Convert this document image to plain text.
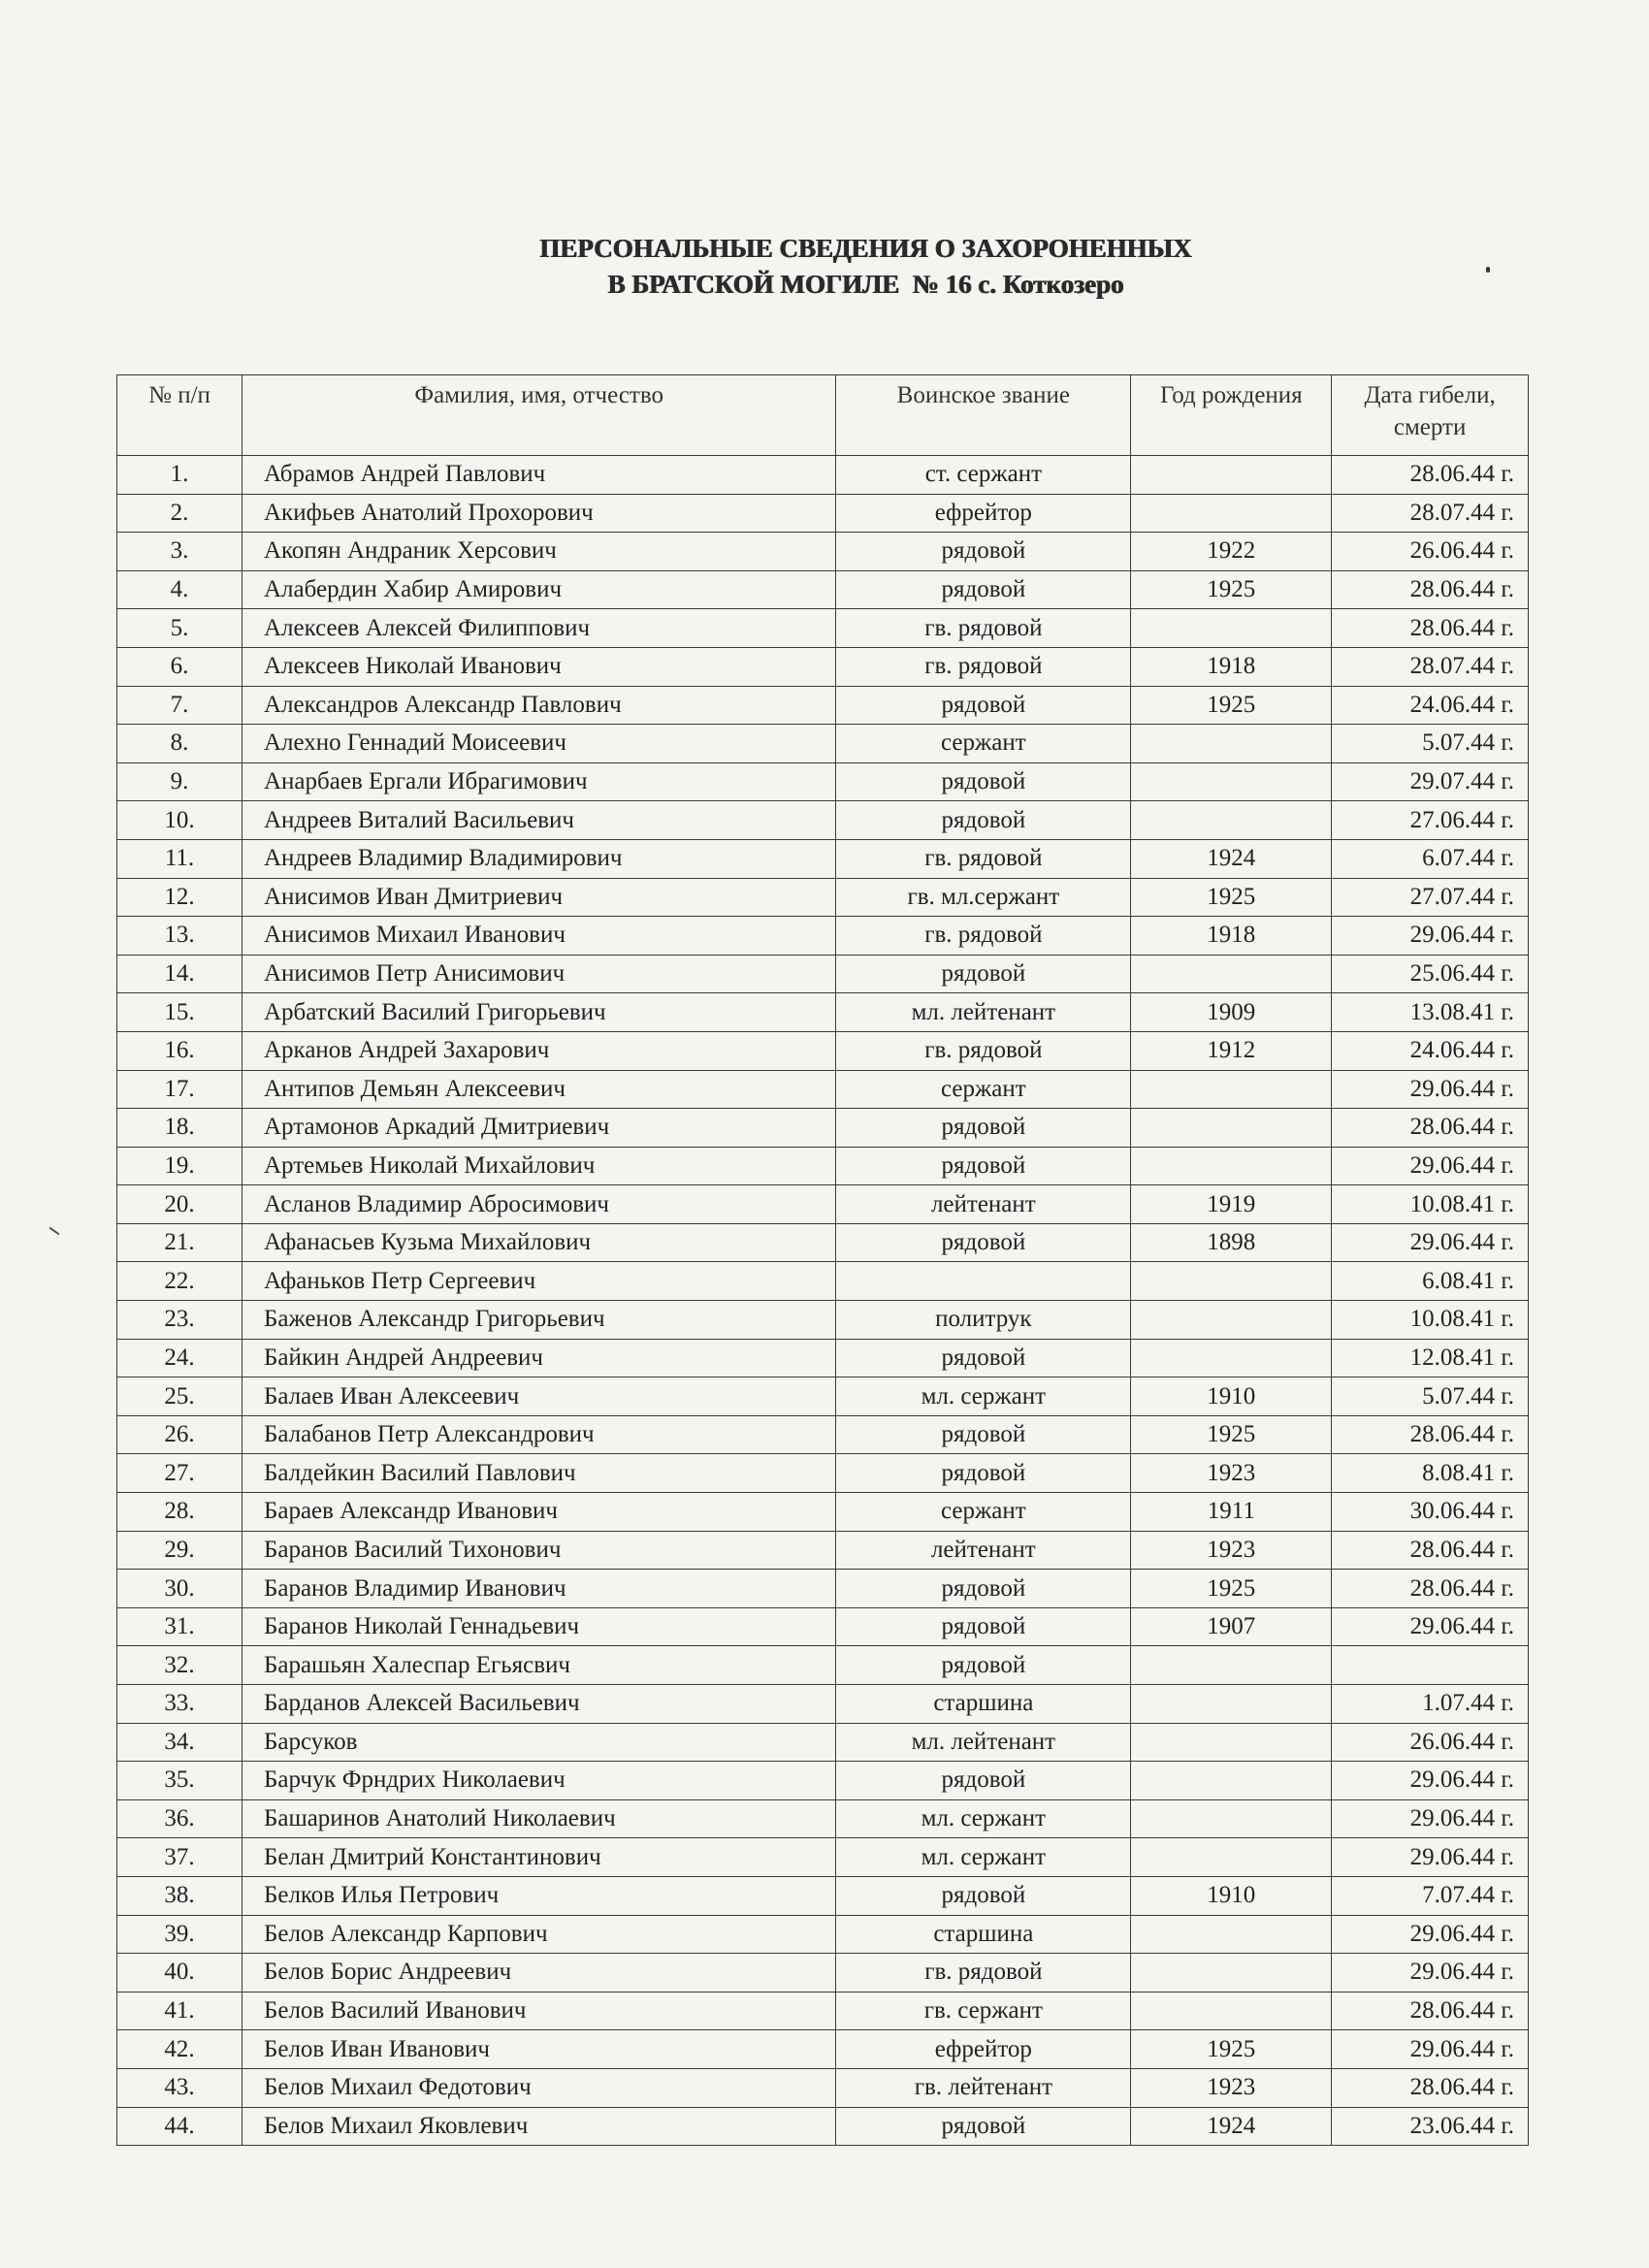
ПЕРСОНАЛЬНЫЕ СВЕДЕНИЯ О ЗАХОРОНЕННЫХ
В БРАТСКОЙ МОГИЛЕ  № 16 с. Коткозеро
№ п/п	Фамилия, имя, отчество	Воинское звание	Год рождения	Дата гибели, смерти
1.	Абрамов Андрей Павлович	ст. сержант		28.06.44 г.
2.	Акифьев Анатолий Прохорович	ефрейтор		28.07.44 г.
3.	Акопян Андраник Херсович	рядовой	1922	26.06.44 г.
4.	Алабердин Хабир Амирович	рядовой	1925	28.06.44 г.
5.	Алексеев Алексей Филиппович	гв. рядовой		28.06.44 г.
6.	Алексеев Николай Иванович	гв. рядовой	1918	28.07.44 г.
7.	Александров Александр Павлович	рядовой	1925	24.06.44 г.
8.	Алехно Геннадий Моисеевич	сержант		5.07.44 г.
9.	Анарбаев Ергали Ибрагимович	рядовой		29.07.44 г.
10.	Андреев Виталий Васильевич	рядовой		27.06.44 г.
11.	Андреев Владимир Владимирович	гв. рядовой	1924	6.07.44 г.
12.	Анисимов Иван Дмитриевич	гв. мл.сержант	1925	27.07.44 г.
13.	Анисимов Михаил Иванович	гв. рядовой	1918	29.06.44 г.
14.	Анисимов Петр Анисимович	рядовой		25.06.44 г.
15.	Арбатский Василий Григорьевич	мл. лейтенант	1909	13.08.41 г.
16.	Арканов Андрей Захарович	гв. рядовой	1912	24.06.44 г.
17.	Антипов Демьян Алексеевич	сержант		29.06.44 г.
18.	Артамонов Аркадий Дмитриевич	рядовой		28.06.44 г.
19.	Артемьев Николай Михайлович	рядовой		29.06.44 г.
20.	Асланов Владимир Абросимович	лейтенант	1919	10.08.41 г.
21.	Афанасьев Кузьма Михайлович	рядовой	1898	29.06.44 г.
22.	Афаньков Петр Сергеевич			6.08.41 г.
23.	Баженов Александр Григорьевич	политрук		10.08.41 г.
24.	Байкин Андрей Андреевич	рядовой		12.08.41 г.
25.	Балаев Иван Алексеевич	мл. сержант	1910	5.07.44 г.
26.	Балабанов Петр Александрович	рядовой	1925	28.06.44 г.
27.	Балдейкин Василий Павлович	рядовой	1923	8.08.41 г.
28.	Бараев Александр Иванович	сержант	1911	30.06.44 г.
29.	Баранов Василий Тихонович	лейтенант	1923	28.06.44 г.
30.	Баранов Владимир Иванович	рядовой	1925	28.06.44 г.
31.	Баранов Николай Геннадьевич	рядовой	1907	29.06.44 г.
32.	Барашьян Халеспар Егьясвич	рядовой		
33.	Барданов Алексей Васильевич	старшина		1.07.44 г.
34.	Барсуков	мл. лейтенант		26.06.44 г.
35.	Барчук Фрндрих Николаевич	рядовой		29.06.44 г.
36.	Башаринов Анатолий Николаевич	мл. сержант		29.06.44 г.
37.	Белан Дмитрий Константинович	мл. сержант		29.06.44 г.
38.	Белков Илья Петрович	рядовой	1910	7.07.44 г.
39.	Белов Александр Карпович	старшина		29.06.44 г.
40.	Белов Борис Андреевич	гв. рядовой		29.06.44 г.
41.	Белов Василий Иванович	гв. сержант		28.06.44 г.
42.	Белов Иван Иванович	ефрейтор	1925	29.06.44 г.
43.	Белов Михаил Федотович	гв. лейтенант	1923	28.06.44 г.
44.	Белов Михаил Яковлевич	рядовой	1924	23.06.44 г.
